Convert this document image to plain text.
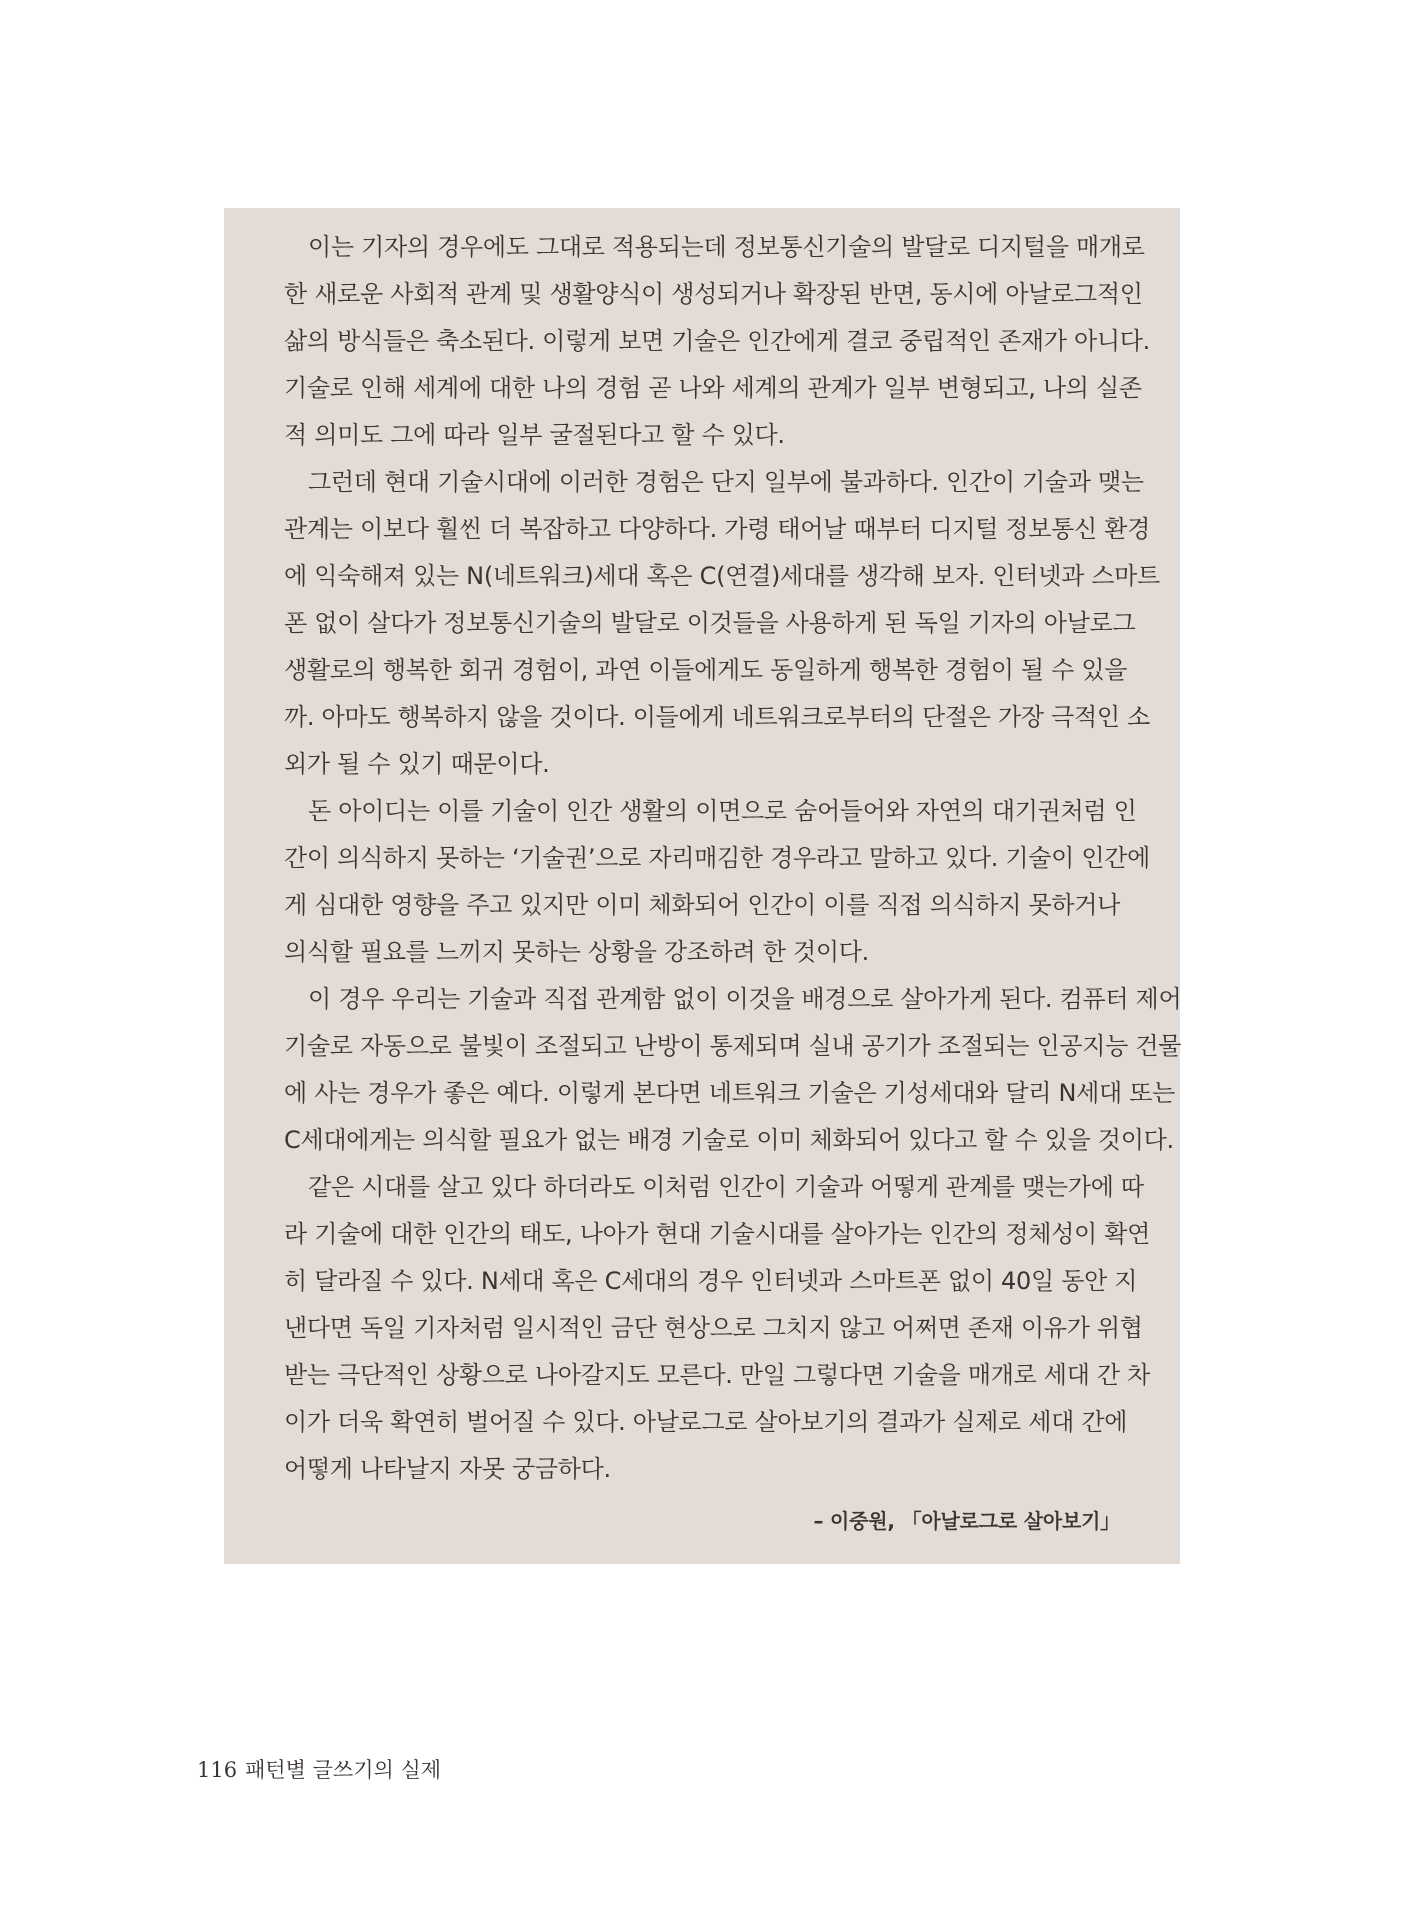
이는 기자의 경우에도 그대로 적용되는데 정보통신기술의 발달로 디지털을 매개로
한 새로운 사회적 관계 및 생활양식이 생성되거나 확장된 반면, 동시에 아날로그적인
삶의 방식들은 축소된다. 이렇게 보면 기술은 인간에게 결코 중립적인 존재가 아니다.
기술로 인해 세계에 대한 나의 경험 곧 나와 세계의 관계가 일부 변형되고, 나의 실존
적 의미도 그에 따라 일부 굴절된다고 할 수 있다.
그런데 현대 기술시대에 이러한 경험은 단지 일부에 불과하다. 인간이 기술과 맺는
관계는 이보다 훨씬 더 복잡하고 다양하다. 가령 태어날 때부터 디지털 정보통신 환경
에 익숙해져 있는 N(네트워크)세대 혹은 C(연결)세대를 생각해 보자. 인터넷과 스마트
폰 없이 살다가 정보통신기술의 발달로 이것들을 사용하게 된 독일 기자의 아날로그
생활로의 행복한 회귀 경험이, 과연 이들에게도 동일하게 행복한 경험이 될 수 있을
까. 아마도 행복하지 않을 것이다. 이들에게 네트워크로부터의 단절은 가장 극적인 소
외가 될 수 있기 때문이다.
돈 아이디는 이를 기술이 인간 생활의 이면으로 숨어들어와 자연의 대기권처럼 인
간이 의식하지 못하는 ‘기술권’으로 자리매김한 경우라고 말하고 있다. 기술이 인간에
게 심대한 영향을 주고 있지만 이미 체화되어 인간이 이를 직접 의식하지 못하거나
의식할 필요를 느끼지 못하는 상황을 강조하려 한 것이다.
이 경우 우리는 기술과 직접 관계함 없이 이것을 배경으로 살아가게 된다. 컴퓨터 제어
기술로 자동으로 불빛이 조절되고 난방이 통제되며 실내 공기가 조절되는 인공지능 건물
에 사는 경우가 좋은 예다. 이렇게 본다면 네트워크 기술은 기성세대와 달리 N세대 또는
C세대에게는 의식할 필요가 없는 배경 기술로 이미 체화되어 있다고 할 수 있을 것이다.
같은 시대를 살고 있다 하더라도 이처럼 인간이 기술과 어떻게 관계를 맺는가에 따
라 기술에 대한 인간의 태도, 나아가 현대 기술시대를 살아가는 인간의 정체성이 확연
히 달라질 수 있다. N세대 혹은 C세대의 경우 인터넷과 스마트폰 없이 40일 동안 지
낸다면 독일 기자처럼 일시적인 금단 현상으로 그치지 않고 어쩌면 존재 이유가 위협
받는 극단적인 상황으로 나아갈지도 모른다. 만일 그렇다면 기술을 매개로 세대 간 차
이가 더욱 확연히 벌어질 수 있다. 아날로그로 살아보기의 결과가 실제로 세대 간에
어떻게 나타날지 자못 궁금하다.
– 이중원, 「아날로그로 살아보기」
116 패턴별 글쓰기의 실제
